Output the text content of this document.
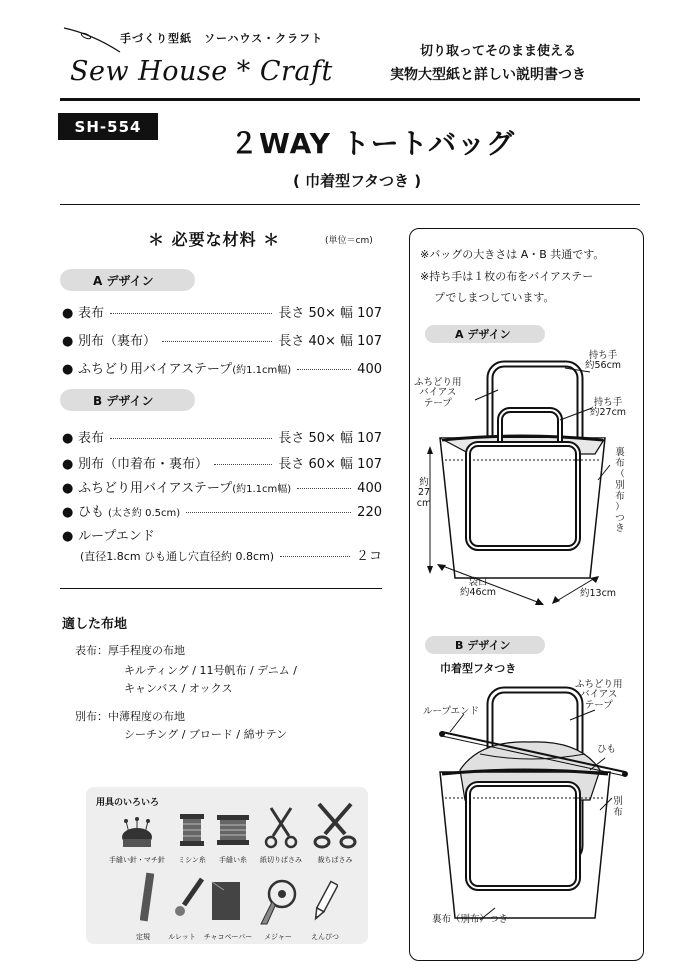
手づくり型紙　ソーハウス・クラフト
Sew House * Craft
切り取ってそのまま使える
実物大型紙と詳しい説明書つき
SH-554
２WAY トートバッグ
( 巾着型フタつき )
＊ 必要な材料 ＊	(単位＝cm)
A デザイン
● 表布	長さ 50× 幅 107
● 別布（裏布）	長さ 40× 幅 107
● ふちどり用バイアステープ (約1.1cm幅)	400
B デザイン
● 表布	長さ 50× 幅 107
● 別布（巾着布・裏布）	長さ 60× 幅 107
● ふちどり用バイアステープ (約1.1cm幅)	400
● ひも (太さ約 0.5cm)	220
● ループエンド
(直径1.8cm ひも通し穴直径約 0.8cm)	２コ
適した布地
表布：厚手程度の布地
キルティング / 11号帆布 / デニム /
キャンバス / オックス
別布：中薄程度の布地
シーチング / ブロード / 綿サテン
用具のいろいろ
手縫い針・マチ針	ミシン糸	手縫い糸	紙切りばさみ	裁ちばさみ
定規	ルレット	チャコペーパー	メジャー	えんぴつ
※バッグの大きさは A・B 共通です。
※持ち手は１枚の布をバイアステー
プでしまつしています。
A デザイン
持ち手
約56cm
ふちどり用
バイアス
テープ	持ち手
約27cm
裏
布
（
別
布
）
つ
き
約
27
cm
袋口
約46cm	約13cm
B デザイン
巾着型フタつき
ふちどり用
バイアス
テープ
ループエンド
ひも
別
布
裏布（別布）つき
